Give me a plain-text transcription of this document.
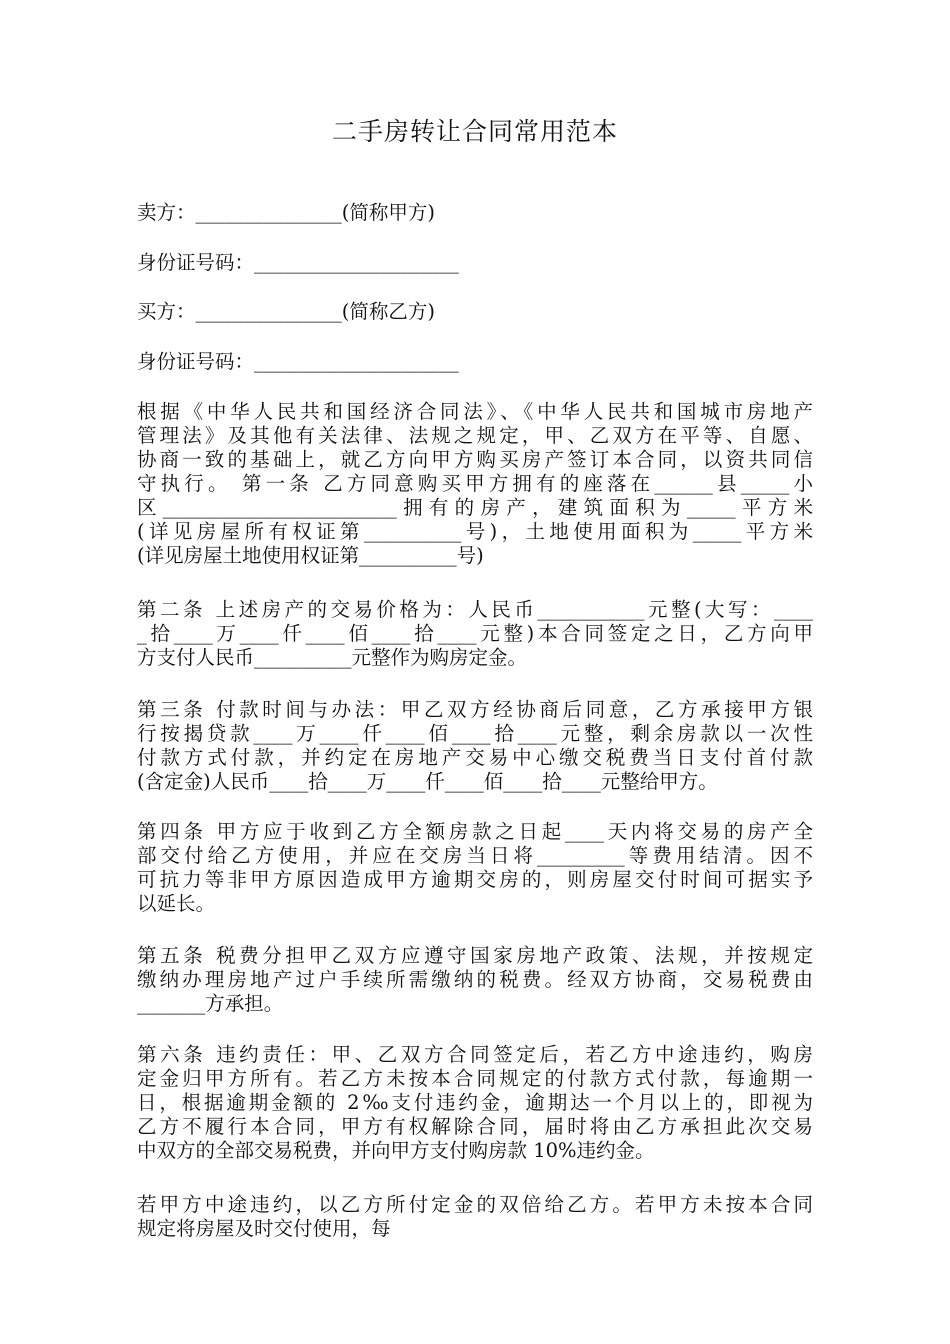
二手房转让合同常用范本
卖方：_______________(简称甲方)
身份证号码：_____________________
买方：_______________(简称乙方)
身份证号码：_____________________
根据《中华人民共和国经济合同法》、《中华人民共和国城市房地产
管理法》及其他有关法律、法规之规定，甲、乙双方在平等、自愿、
协商一致的基础上，就乙方向甲方购买房产签订本合同，以资共同信
守执行。 第一条 乙方同意购买甲方拥有的座落在______县_____小
区________________________拥有的房产，建筑面积为_____平方米
(详见房屋所有权证第__________号)，土地使用面积为_____平方米
(详见房屋土地使用权证第__________号)
第二条 上述房产的交易价格为：人民币___________元整(大写：____
_拾____万____仟____佰____拾____元整)本合同签定之日，乙方向甲
方支付人民币__________元整作为购房定金。
第三条 付款时间与办法：甲乙双方经协商后同意，乙方承接甲方银
行按揭贷款____万____仟____佰____拾____元整，剩余房款以一次性
付款方式付款，并约定在房地产交易中心缴交税费当日支付首付款
(含定金)人民币____拾____万____仟____佰____拾____元整给甲方。
第四条 甲方应于收到乙方全额房款之日起____天内将交易的房产全
部交付给乙方使用，并应在交房当日将_________等费用结清。因不
可抗力等非甲方原因造成甲方逾期交房的，则房屋交付时间可据实予
以延长。
第五条 税费分担甲乙双方应遵守国家房地产政策、法规，并按规定
缴纳办理房地产过户手续所需缴纳的税费。经双方协商，交易税费由
_______方承担。
第六条 违约责任：甲、乙双方合同签定后，若乙方中途违约，购房
定金归甲方所有。若乙方未按本合同规定的付款方式付款，每逾期一
日，根据逾期金额的 2‰支付违约金，逾期达一个月以上的，即视为
乙方不履行本合同，甲方有权解除合同，届时将由乙方承担此次交易
中双方的全部交易税费，并向甲方支付购房款 10%违约金。
若甲方中途违约，以乙方所付定金的双倍给乙方。若甲方未按本合同
规定将房屋及时交付使用，每
